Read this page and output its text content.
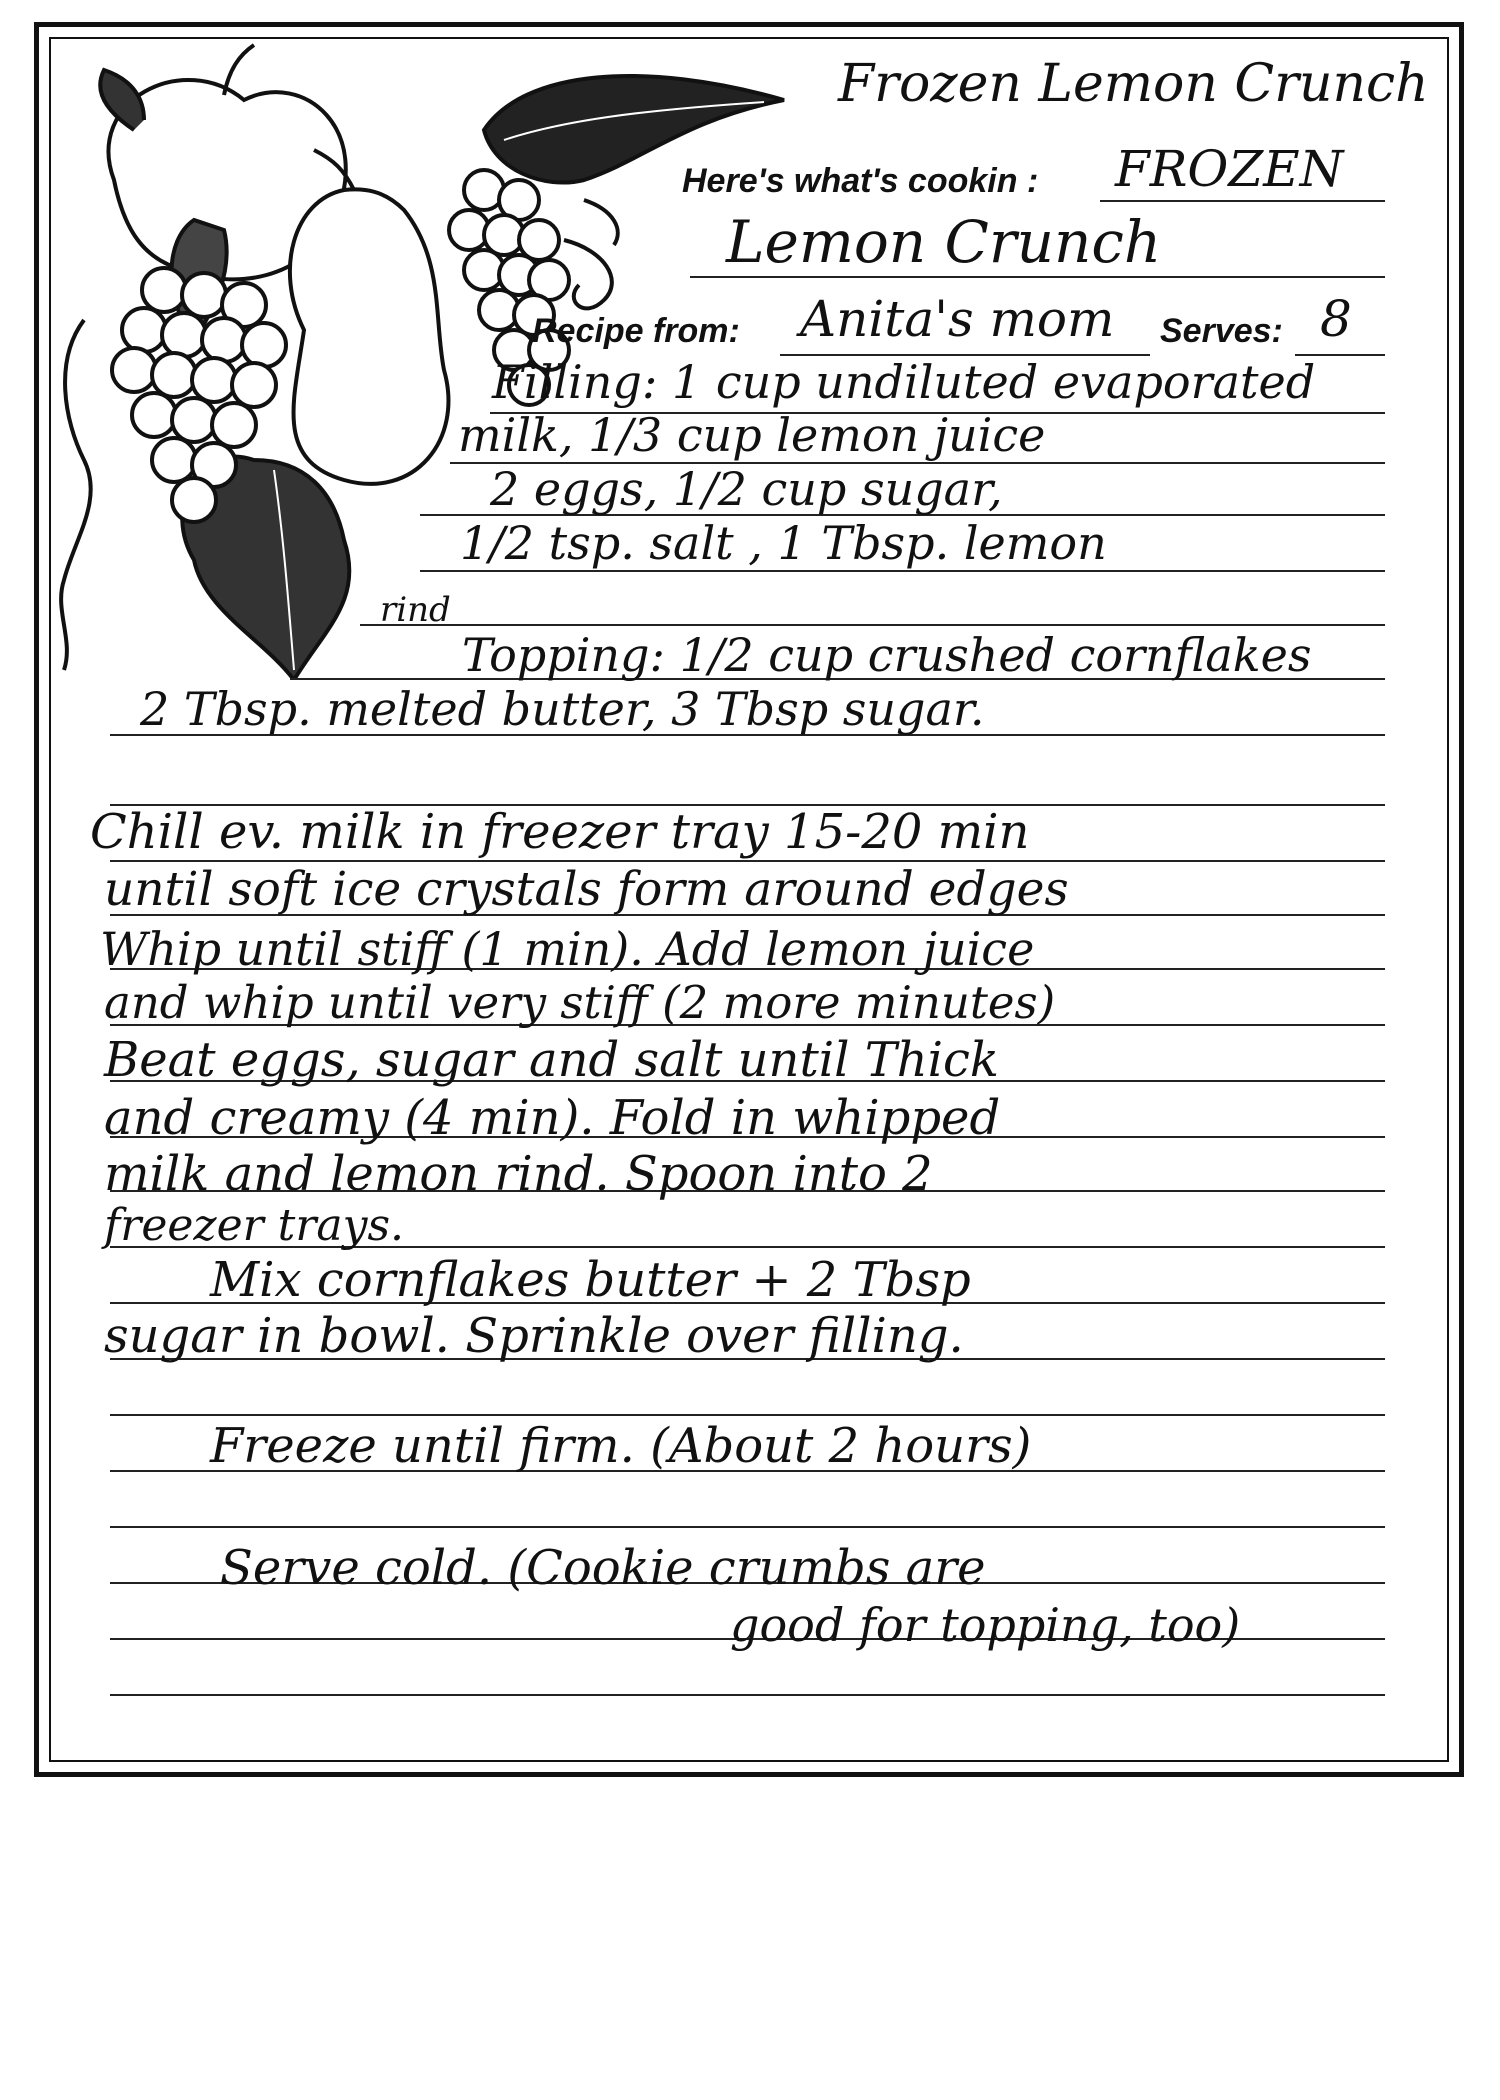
Frozen Lemon Crunch
Here's what's cookin : FROZEN
Lemon Crunch
Recipe from: Anita's mom Serves: 8
Filling: 1 cup undiluted evaporated
milk, 1/3 cup lemon juice
2 eggs, 1/2 cup sugar,
1/2 tsp. salt , 1 Tbsp. lemon
rind
Topping: 1/2 cup crushed cornflakes
2 Tbsp. melted butter, 3 Tbsp sugar.
Chill ev. milk in freezer tray 15-20 min
until soft ice crystals form around edges
Whip until stiff (1 min). Add lemon juice
and whip until very stiff (2 more minutes)
Beat eggs, sugar and salt until Thick
and creamy (4 min). Fold in whipped
milk and lemon rind. Spoon into 2
freezer trays.
Mix cornflakes butter + 2 Tbsp
sugar in bowl. Sprinkle over filling.
Freeze until firm. (About 2 hours)
Serve cold. (Cookie crumbs are
good for topping, too)
